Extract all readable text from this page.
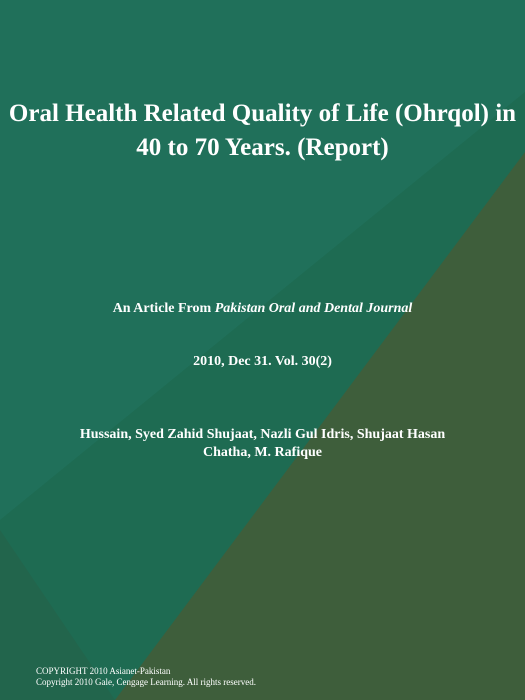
Oral Health Related Quality of Life (Ohrqol) in 40 to 70 Years. (Report)
An Article From Pakistan Oral and Dental Journal
2010, Dec 31. Vol. 30(2)
Hussain, Syed Zahid Shujaat, Nazli Gul Idris, Shujaat Hasan Chatha, M. Rafique
COPYRIGHT 2010 Asianet-Pakistan
Copyright 2010 Gale, Cengage Learning. All rights reserved.
